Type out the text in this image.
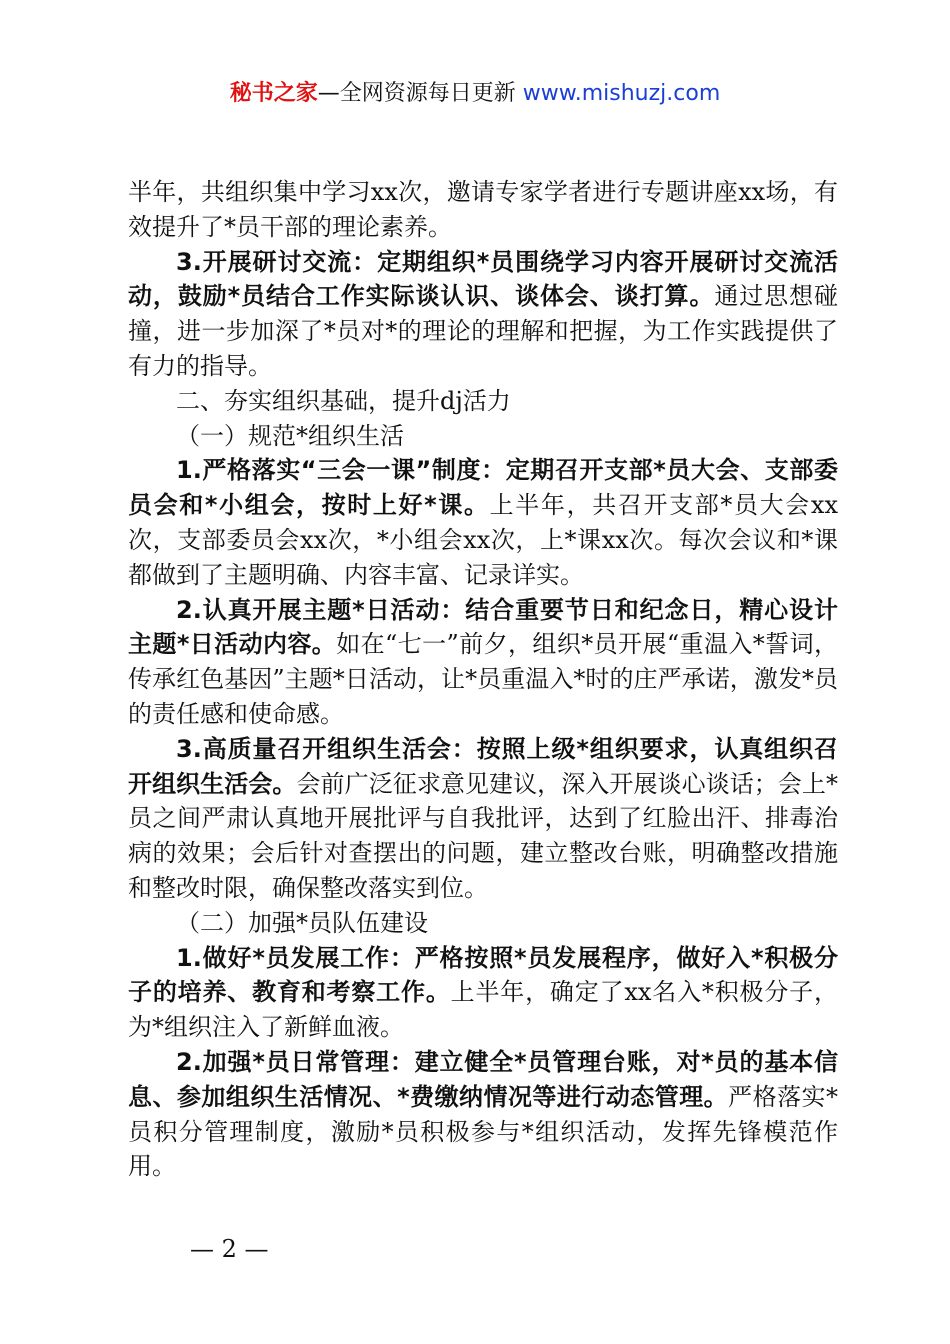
秘书之家—全网资源每日更新 www.mishuzj.com

半年，共组织集中学习xx次，邀请专家学者进行专题讲座xx场，有效提升了*员干部的理论素养。

3.开展研讨交流：定期组织*员围绕学习内容开展研讨交流活动，鼓励*员结合工作实际谈认识、谈体会、谈打算。通过思想碰撞，进一步加深了*员对*的理论的理解和把握，为工作实践提供了有力的指导。

二、夯实组织基础，提升dj活力

（一）规范*组织生活

1.严格落实“三会一课”制度：定期召开支部*员大会、支部委员会和*小组会，按时上好*课。上半年，共召开支部*员大会xx次，支部委员会xx次，*小组会xx次，上*课xx次。每次会议和*课都做到了主题明确、内容丰富、记录详实。

2.认真开展主题*日活动：结合重要节日和纪念日，精心设计主题*日活动内容。如在“七一”前夕，组织*员开展“重温入*誓词，传承红色基因”主题*日活动，让*员重温入*时的庄严承诺，激发*员的责任感和使命感。

3.高质量召开组织生活会：按照上级*组织要求，认真组织召开组织生活会。会前广泛征求意见建议，深入开展谈心谈话；会上*员之间严肃认真地开展批评与自我批评，达到了红脸出汗、排毒治病的效果；会后针对查摆出的问题，建立整改台账，明确整改措施和整改时限，确保整改落实到位。

（二）加强*员队伍建设

1.做好*员发展工作：严格按照*员发展程序，做好入*积极分子的培养、教育和考察工作。上半年，确定了xx名入*积极分子，为*组织注入了新鲜血液。

2.加强*员日常管理：建立健全*员管理台账，对*员的基本信息、参加组织生活情况、*费缴纳情况等进行动态管理。严格落实*员积分管理制度，激励*员积极参与*组织活动，发挥先锋模范作用。

— 2 —
